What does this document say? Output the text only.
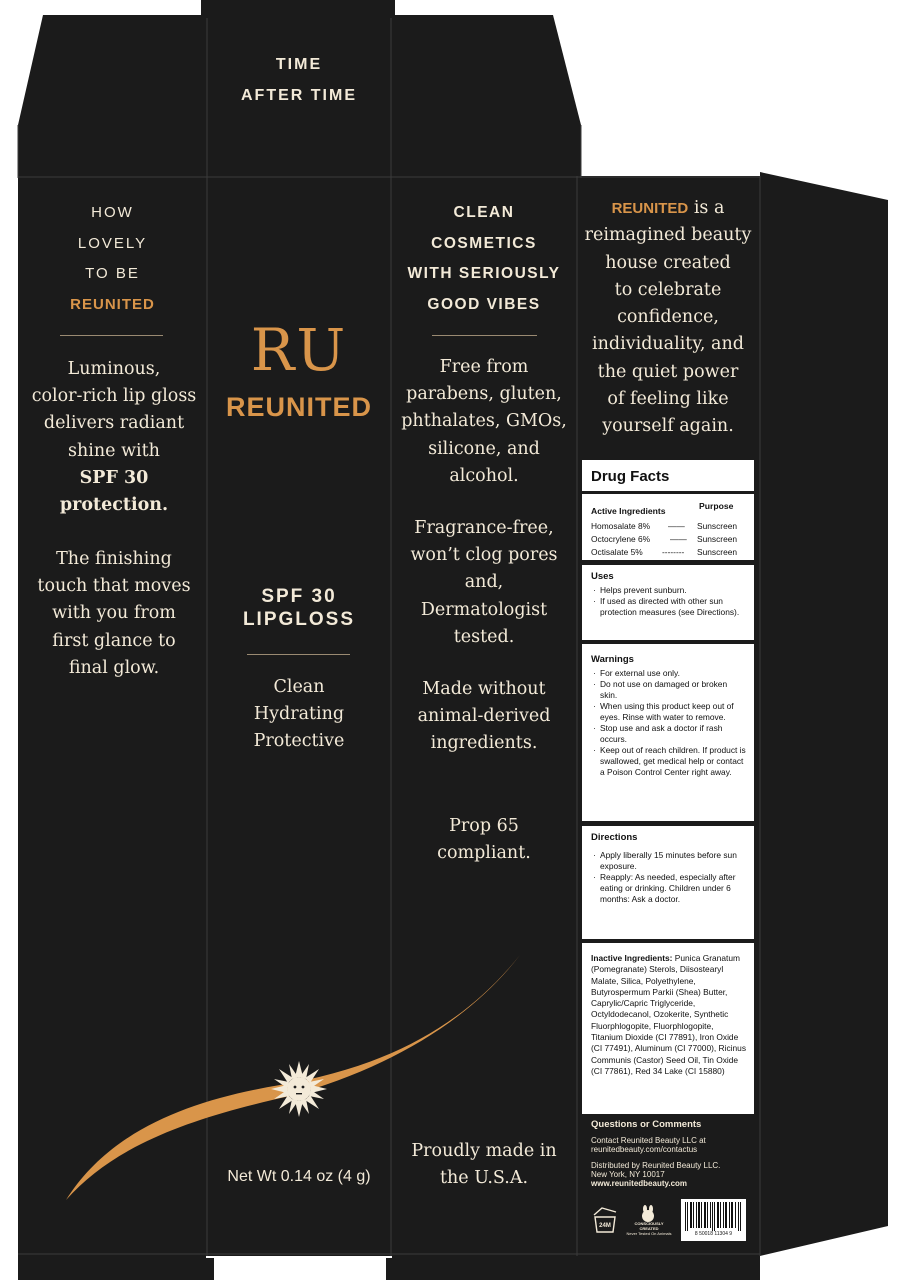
TIME
AFTER TIME
HOW
LOVELY
TO BE
REUNITED
Luminous,
color-rich lip gloss
delivers radiant
shine with
SPF 30
protection.
The finishing
touch that moves
with you from
first glance to
final glow.
RU
REUNITED
SPF 30
LIPGLOSS
Clean
Hydrating
Protective
Net Wt 0.14 oz (4 g)
CLEAN
COSMETICS
WITH SERIOUSLY
GOOD VIBES
Free from
parabens, gluten,
phthalates, GMOs,
silicone, and
alcohol.
Fragrance-free,
won’t clog pores
and,
Dermatologist
tested.
Made without
animal-derived
ingredients.
Prop 65
compliant.
Proudly made in
the U.S.A.
REUNITED is a
reimagined beauty
house created
to celebrate
confidence,
individuality, and
the quiet power
of feeling like
yourself again.
Drug Facts
Active Ingredients	Purpose
Homosalate 8% —— Sunscreen
Octocrylene 6% —— Sunscreen
Octisalate 5% -------- Sunscreen
Uses
· Helps prevent sunburn.
· If used as directed with other sun protection measures (see Directions).
Warnings
· For external use only.
· Do not use on damaged or broken skin.
· When using this product keep out of eyes. Rinse with water to remove.
· Stop use and ask a doctor if rash occurs.
· Keep out of reach children. If product is swallowed, get medical help or contact a Poison Control Center right away.
Directions
· Apply liberally 15 minutes before sun exposure.
· Reapply: As needed, especially after eating or drinking. Children under 6 months: Ask a doctor.
Inactive Ingredients: Punica Granatum (Pomegranate) Sterols, Diisostearyl Malate, Silica, Polyethylene, Butyrospermum Parkii (Shea) Butter, Caprylic/Capric Triglyceride, Octyldodecanol, Ozokerite, Synthetic Fluorphlogopite, Fluorphlogopite, Titanium Dioxide (CI 77891), Iron Oxide (CI 77491), Aluminum (CI 77000), Ricinus Communis (Castor) Seed Oil, Tin Oxide (CI 77861), Red 34 Lake (CI 15880)
Questions or Comments
Contact Reunited Beauty LLC at
reunitedbeauty.com/contactus
Distributed by Reunited Beauty LLC.
New York, NY 10017
www.reunitedbeauty.com
24M	CONSCIOUSLY
CREATED
Never Tested On Animals	8 50018 11304 9
